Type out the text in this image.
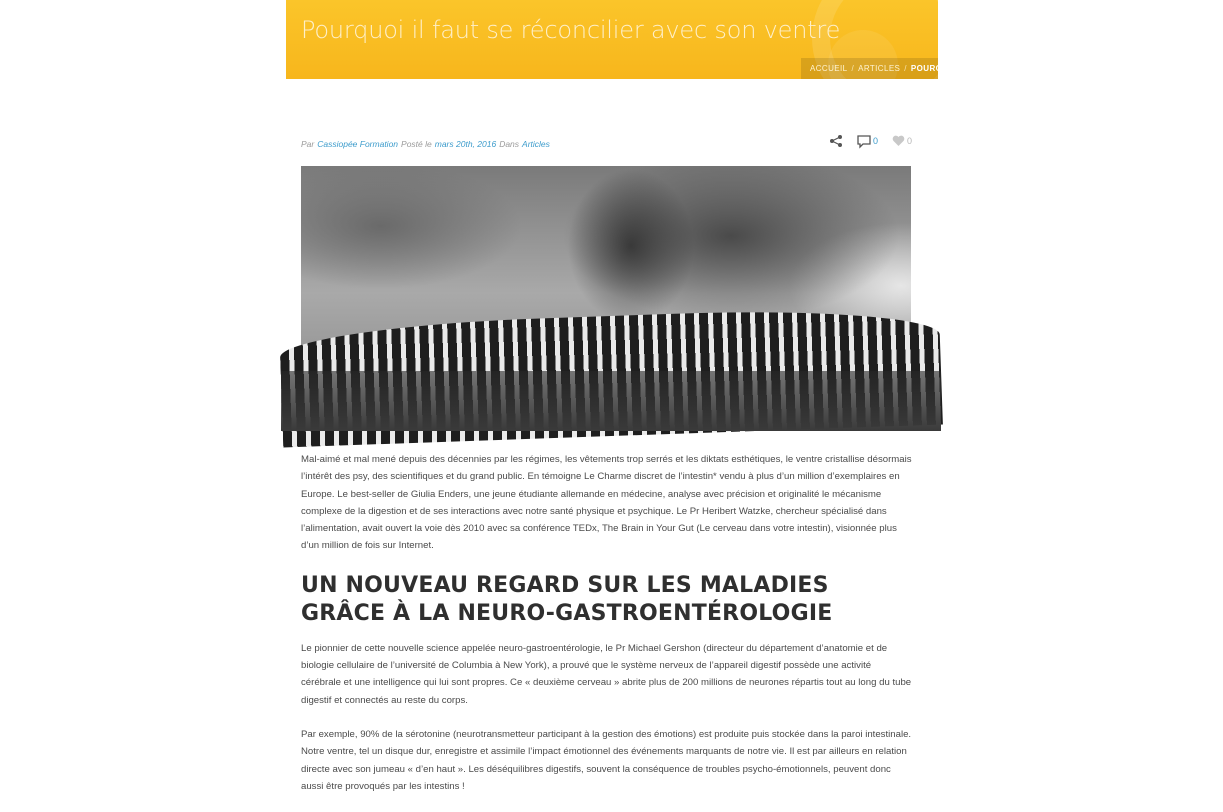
Pourquoi il faut se réconcilier avec son ventre
ACCUEIL / ARTICLES / POURQUOI IL FAUT SE RÉCONCILIER AVEC SON VENTRE
Par Cassiopée Formation Posté le mars 20th, 2016 Dans Articles	0	0

Mal-aimé et mal mené depuis des décennies par les régimes, les vêtements trop serrés et les diktats esthétiques, le ventre cristallise désormais l’intérêt des psy, des scientifiques et du grand public. En témoigne Le Charme discret de l’intestin* vendu à plus d’un million d’exemplaires en Europe. Le best-seller de Giulia Enders, une jeune étudiante allemande en médecine, analyse avec précision et originalité le mécanisme complexe de la digestion et de ses interactions avec notre santé physique et psychique. Le Pr Heribert Watzke, chercheur spécialisé dans l’alimentation, avait ouvert la voie dès 2010 avec sa conférence TEDx, The Brain in Your Gut (Le cerveau dans votre intestin), visionnée plus d’un million de fois sur Internet.

UN NOUVEAU REGARD SUR LES MALADIES GRÂCE À LA NEURO-GASTROENTÉROLOGIE

Le pionnier de cette nouvelle science appelée neuro-gastroentérologie, le Pr Michael Gershon (directeur du département d’anatomie et de biologie cellulaire de l’université de Columbia à New York), a prouvé que le système nerveux de l’appareil digestif possède une activité cérébrale et une intelligence qui lui sont propres. Ce « deuxième cerveau » abrite plus de 200 millions de neurones répartis tout au long du tube digestif et connectés au reste du corps.

Par exemple, 90% de la sérotonine (neurotransmetteur participant à la gestion des émotions) est produite puis stockée dans la paroi intestinale. Notre ventre, tel un disque dur, enregistre et assimile l’impact émotionnel des événements marquants de notre vie. Il est par ailleurs en relation directe avec son jumeau « d’en haut ». Les déséquilibres digestifs, souvent la conséquence de troubles psycho-émotionnels, peuvent donc aussi être provoqués par les intestins !
